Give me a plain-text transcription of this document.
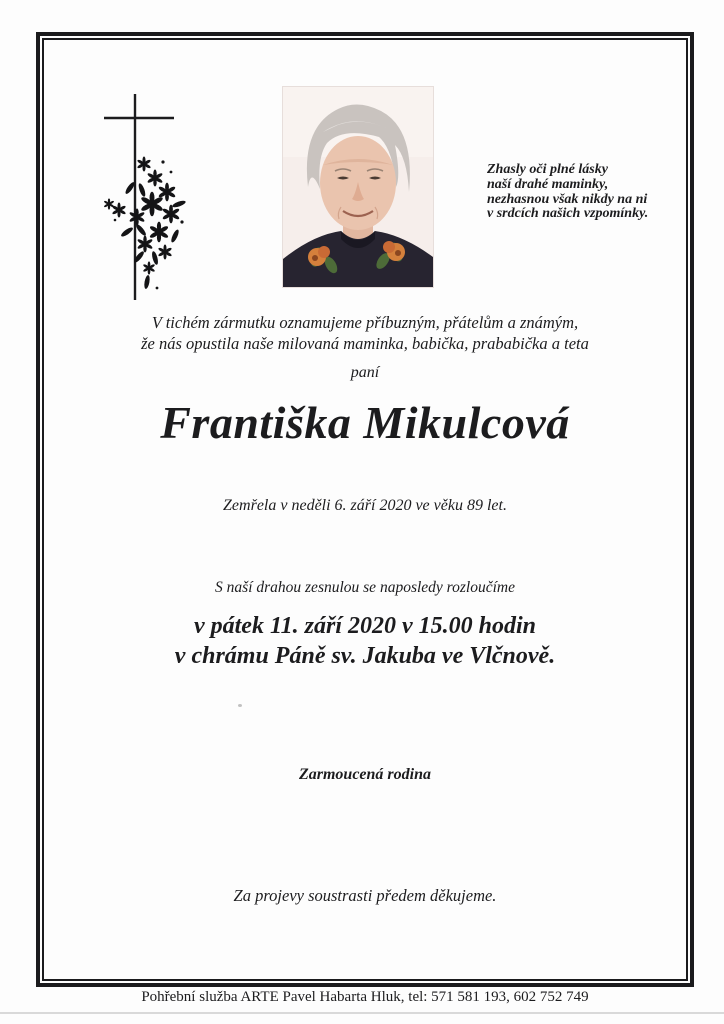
Zhasly oči plné lásky
naší drahé maminky,
nezhasnou však nikdy na ni
v srdcích našich vzpomínky.
V tichém zármutku oznamujeme příbuzným, přátelům a známým,
že nás opustila naše milovaná maminka, babička, prababička a teta
paní
Františka Mikulcová
Zemřela v neděli 6. září 2020 ve věku 89 let.
S naší drahou zesnulou se naposledy rozloučíme
v pátek 11. září 2020 v 15.00 hodin
v chrámu Páně sv. Jakuba ve Vlčnově.
Zarmoucená rodina
Za projevy soustrasti předem děkujeme.
Pohřební služba ARTE Pavel Habarta Hluk, tel: 571 581 193, 602 752 749
